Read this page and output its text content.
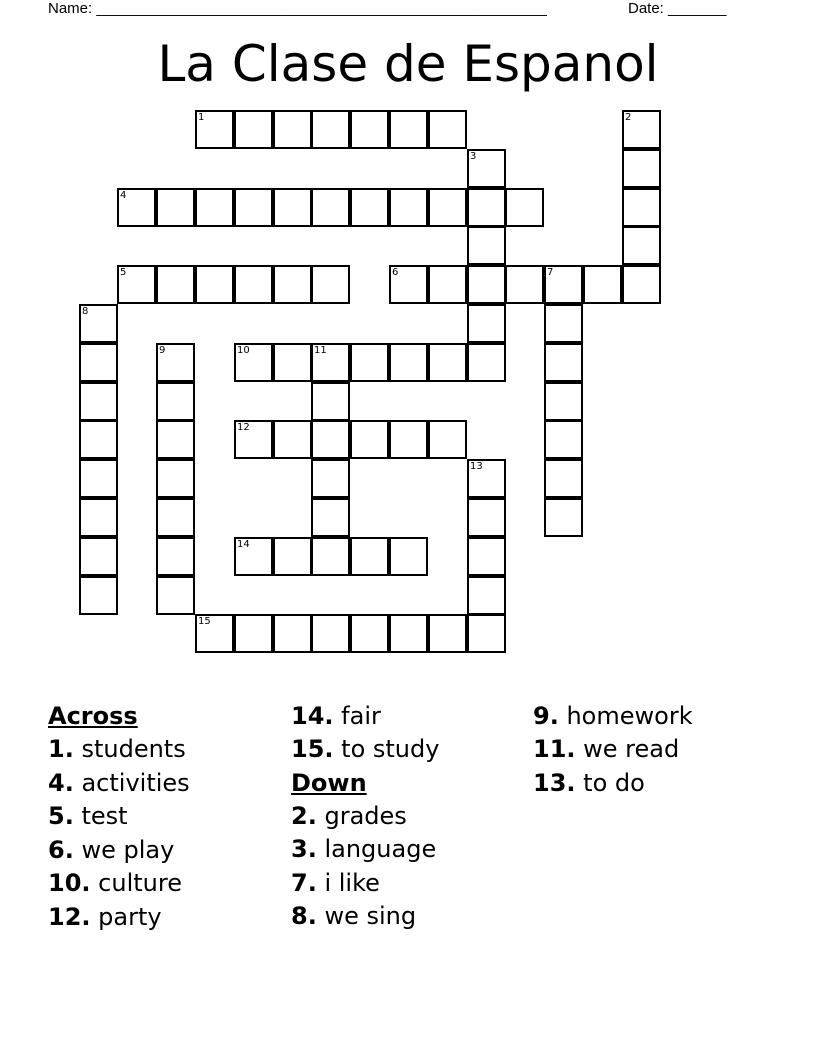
Name: ______________________________________________________	Date: _______
La Clase de Espanol
1	2
3
4
5	6	7
8
9	10	11
12
13
14
15
Across
1. students
4. activities
5. test
6. we play
10. culture
12. party
14. fair
15. to study
Down
2. grades
3. language
7. i like
8. we sing
9. homework
11. we read
13. to do
